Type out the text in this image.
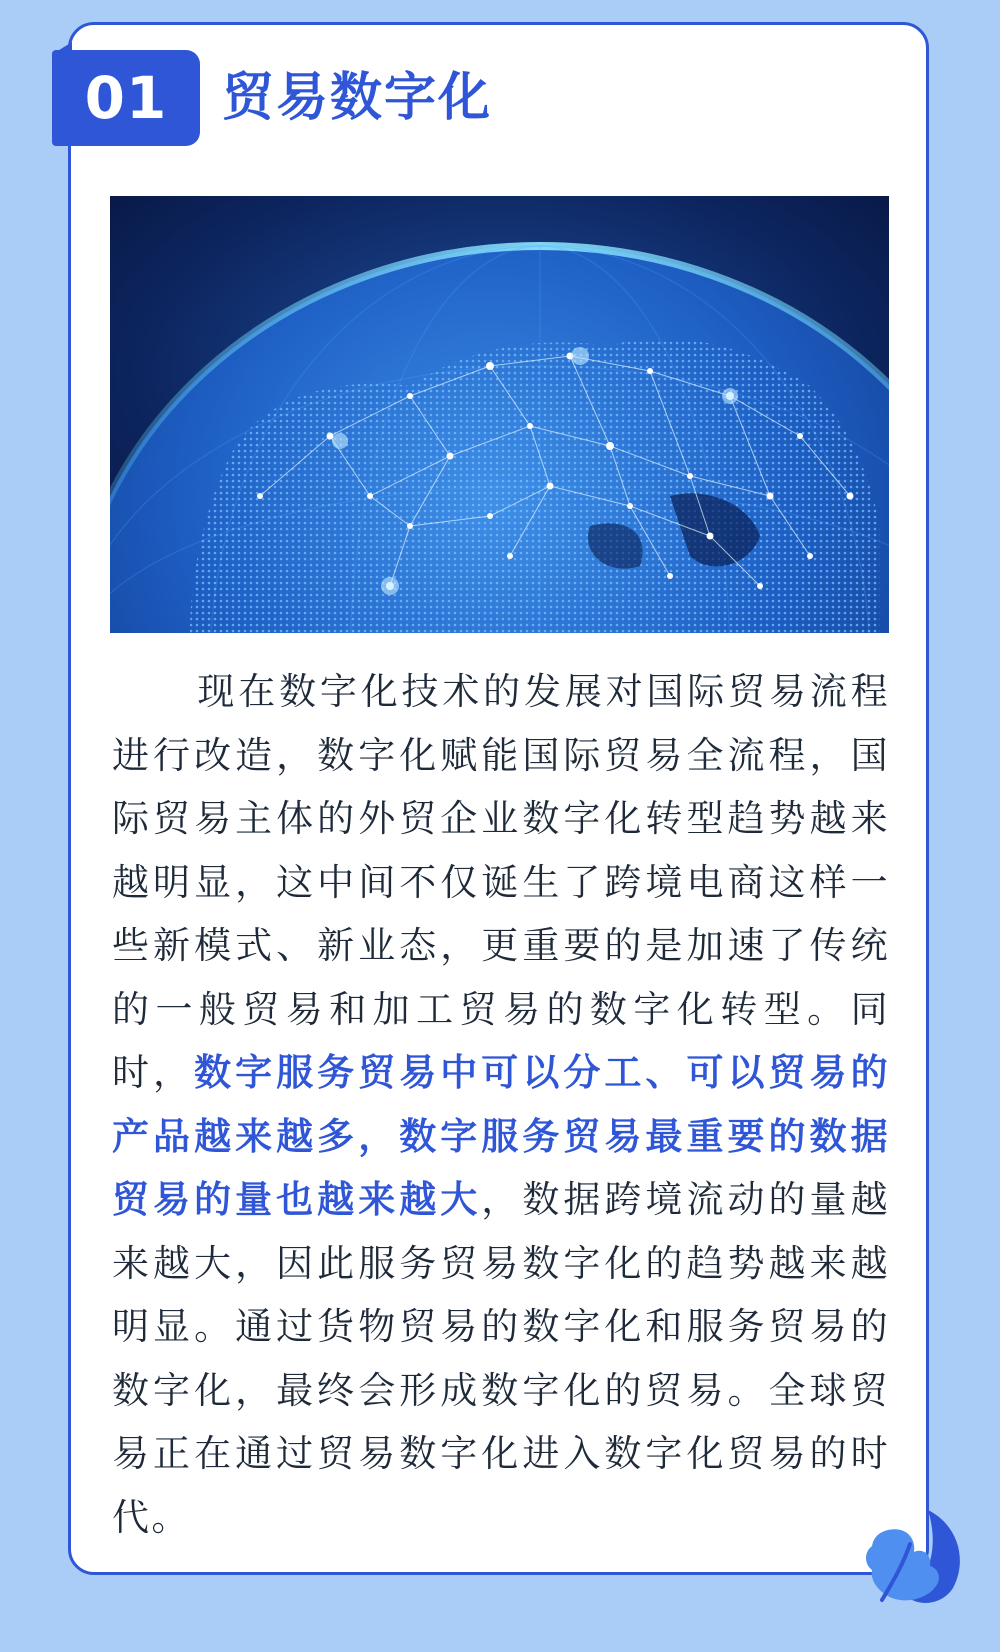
01 贸易数字化

现在数字化技术的发展对国际贸易流程进行改造，数字化赋能国际贸易全流程，国际贸易主体的外贸企业数字化转型趋势越来越明显，这中间不仅诞生了跨境电商这样一些新模式、新业态，更重要的是加速了传统的一般贸易和加工贸易的数字化转型。同时，数字服务贸易中可以分工、可以贸易的产品越来越多，数字服务贸易最重要的数据贸易的量也越来越大，数据跨境流动的量越来越大，因此服务贸易数字化的趋势越来越明显。通过货物贸易的数字化和服务贸易的数字化，最终会形成数字化的贸易。全球贸易正在通过贸易数字化进入数字化贸易的时代。
